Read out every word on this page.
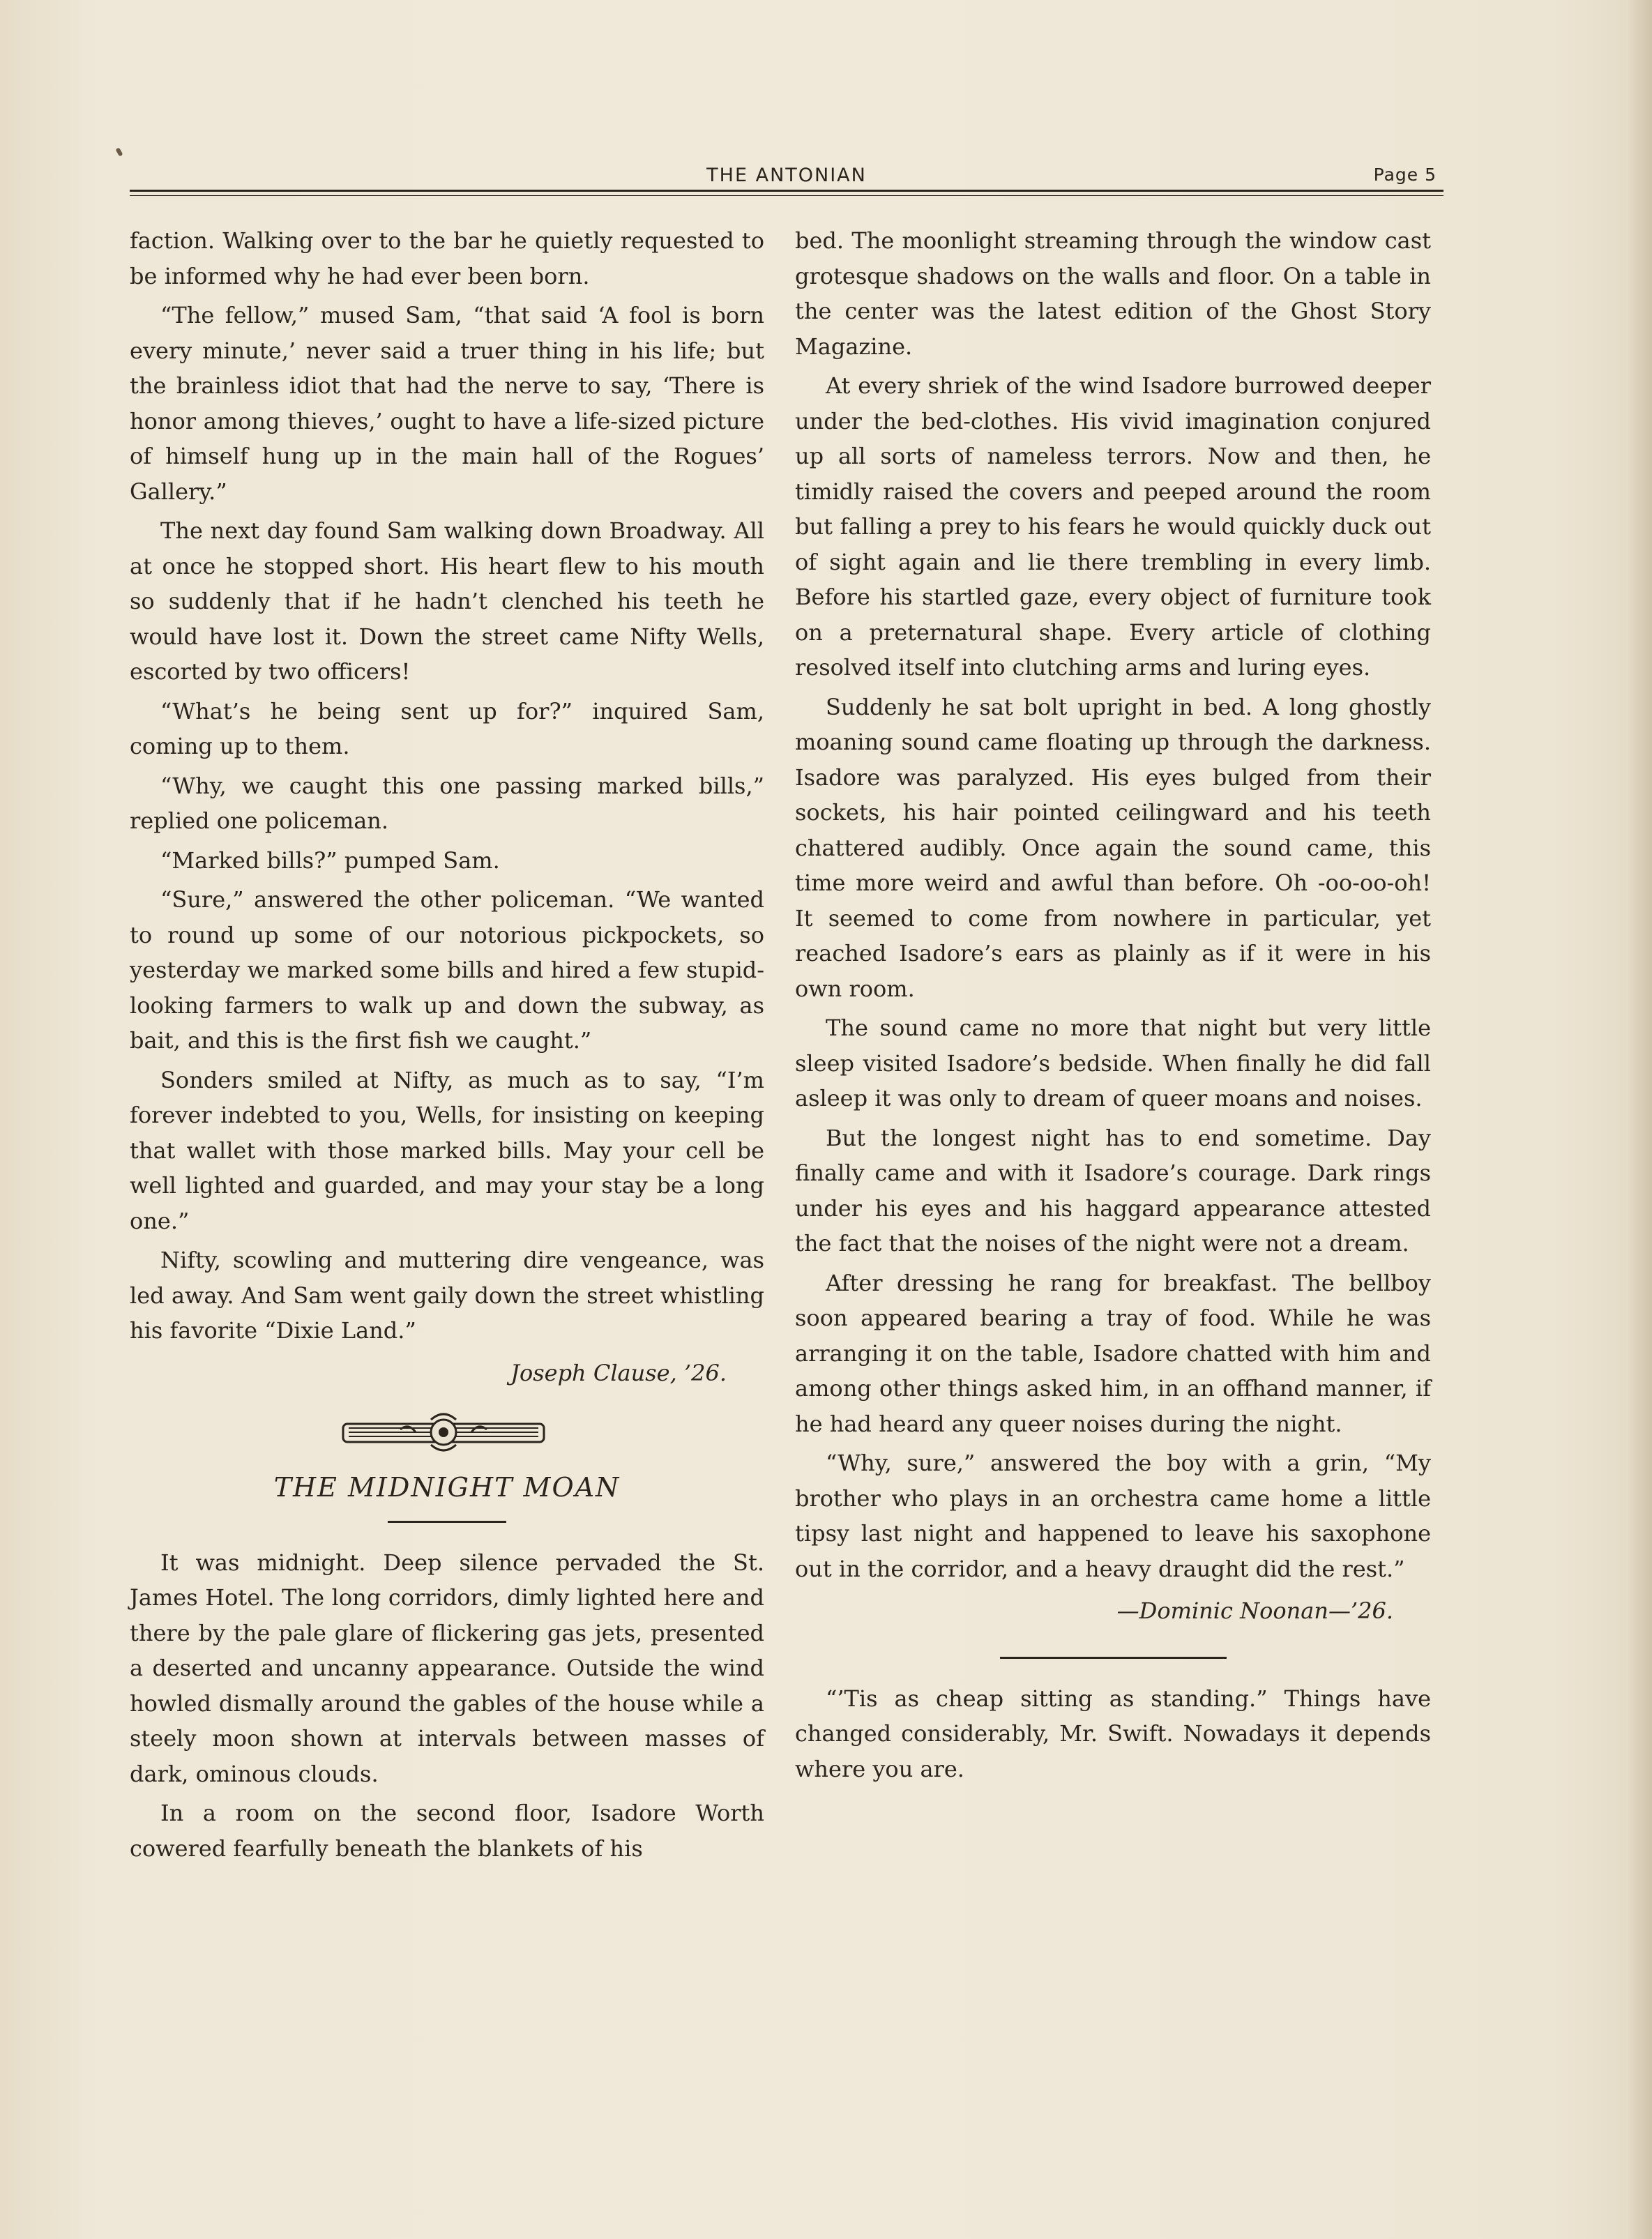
THE ANTONIAN	Page 5

faction. Walking over to the bar he quietly requested to be informed why he had ever been born.

“The fellow,” mused Sam, “that said ‘A fool is born every minute,’ never said a truer thing in his life; but the brainless idiot that had the nerve to say, ‘There is honor among thieves,’ ought to have a life-sized picture of himself hung up in the main hall of the Rogues’ Gallery.”

The next day found Sam walking down Broadway. All at once he stopped short. His heart flew to his mouth so suddenly that if he hadn’t clenched his teeth he would have lost it. Down the street came Nifty Wells, escorted by two officers!

“What’s he being sent up for?” inquired Sam, coming up to them.

“Why, we caught this one passing marked bills,” replied one policeman.

“Marked bills?” pumped Sam.

“Sure,” answered the other policeman. “We wanted to round up some of our notorious pickpockets, so yesterday we marked some bills and hired a few stupid-looking farmers to walk up and down the subway, as bait, and this is the first fish we caught.”

Sonders smiled at Nifty, as much as to say, “I’m forever indebted to you, Wells, for insisting on keeping that wallet with those marked bills. May your cell be well lighted and guarded, and may your stay be a long one.”

Nifty, scowling and muttering dire vengeance, was led away. And Sam went gaily down the street whistling his favorite “Dixie Land.”

Joseph Clause, ’26.
THE MIDNIGHT MOAN

It was midnight. Deep silence pervaded the St. James Hotel. The long corridors, dimly lighted here and there by the pale glare of flickering gas jets, presented a deserted and uncanny appearance. Outside the wind howled dismally around the gables of the house while a steely moon shown at intervals between masses of dark, ominous clouds.

In a room on the second floor, Isadore Worth cowered fearfully beneath the blankets of his

bed. The moonlight streaming through the window cast grotesque shadows on the walls and floor. On a table in the center was the latest edition of the Ghost Story Magazine.

At every shriek of the wind Isadore burrowed deeper under the bed-clothes. His vivid imagination conjured up all sorts of nameless terrors. Now and then, he timidly raised the covers and peeped around the room but falling a prey to his fears he would quickly duck out of sight again and lie there trembling in every limb. Before his startled gaze, every object of furniture took on a preternatural shape. Every article of clothing resolved itself into clutching arms and luring eyes.

Suddenly he sat bolt upright in bed. A long ghostly moaning sound came floating up through the darkness. Isadore was paralyzed. His eyes bulged from their sockets, his hair pointed ceilingward and his teeth chattered audibly. Once again the sound came, this time more weird and awful than before. Oh -oo-oo-oh! It seemed to come from nowhere in particular, yet reached Isadore’s ears as plainly as if it were in his own room.

The sound came no more that night but very little sleep visited Isadore’s bedside. When finally he did fall asleep it was only to dream of queer moans and noises.

But the longest night has to end sometime. Day finally came and with it Isadore’s courage. Dark rings under his eyes and his haggard appearance attested the fact that the noises of the night were not a dream.

After dressing he rang for breakfast. The bellboy soon appeared bearing a tray of food. While he was arranging it on the table, Isadore chatted with him and among other things asked him, in an offhand manner, if he had heard any queer noises during the night.

“Why, sure,” answered the boy with a grin, “My brother who plays in an orchestra came home a little tipsy last night and happened to leave his saxophone out in the corridor, and a heavy draught did the rest.”

—Dominic Noonan—’26.

“’Tis as cheap sitting as standing.” Things have changed considerably, Mr. Swift. Nowadays it depends where you are.
